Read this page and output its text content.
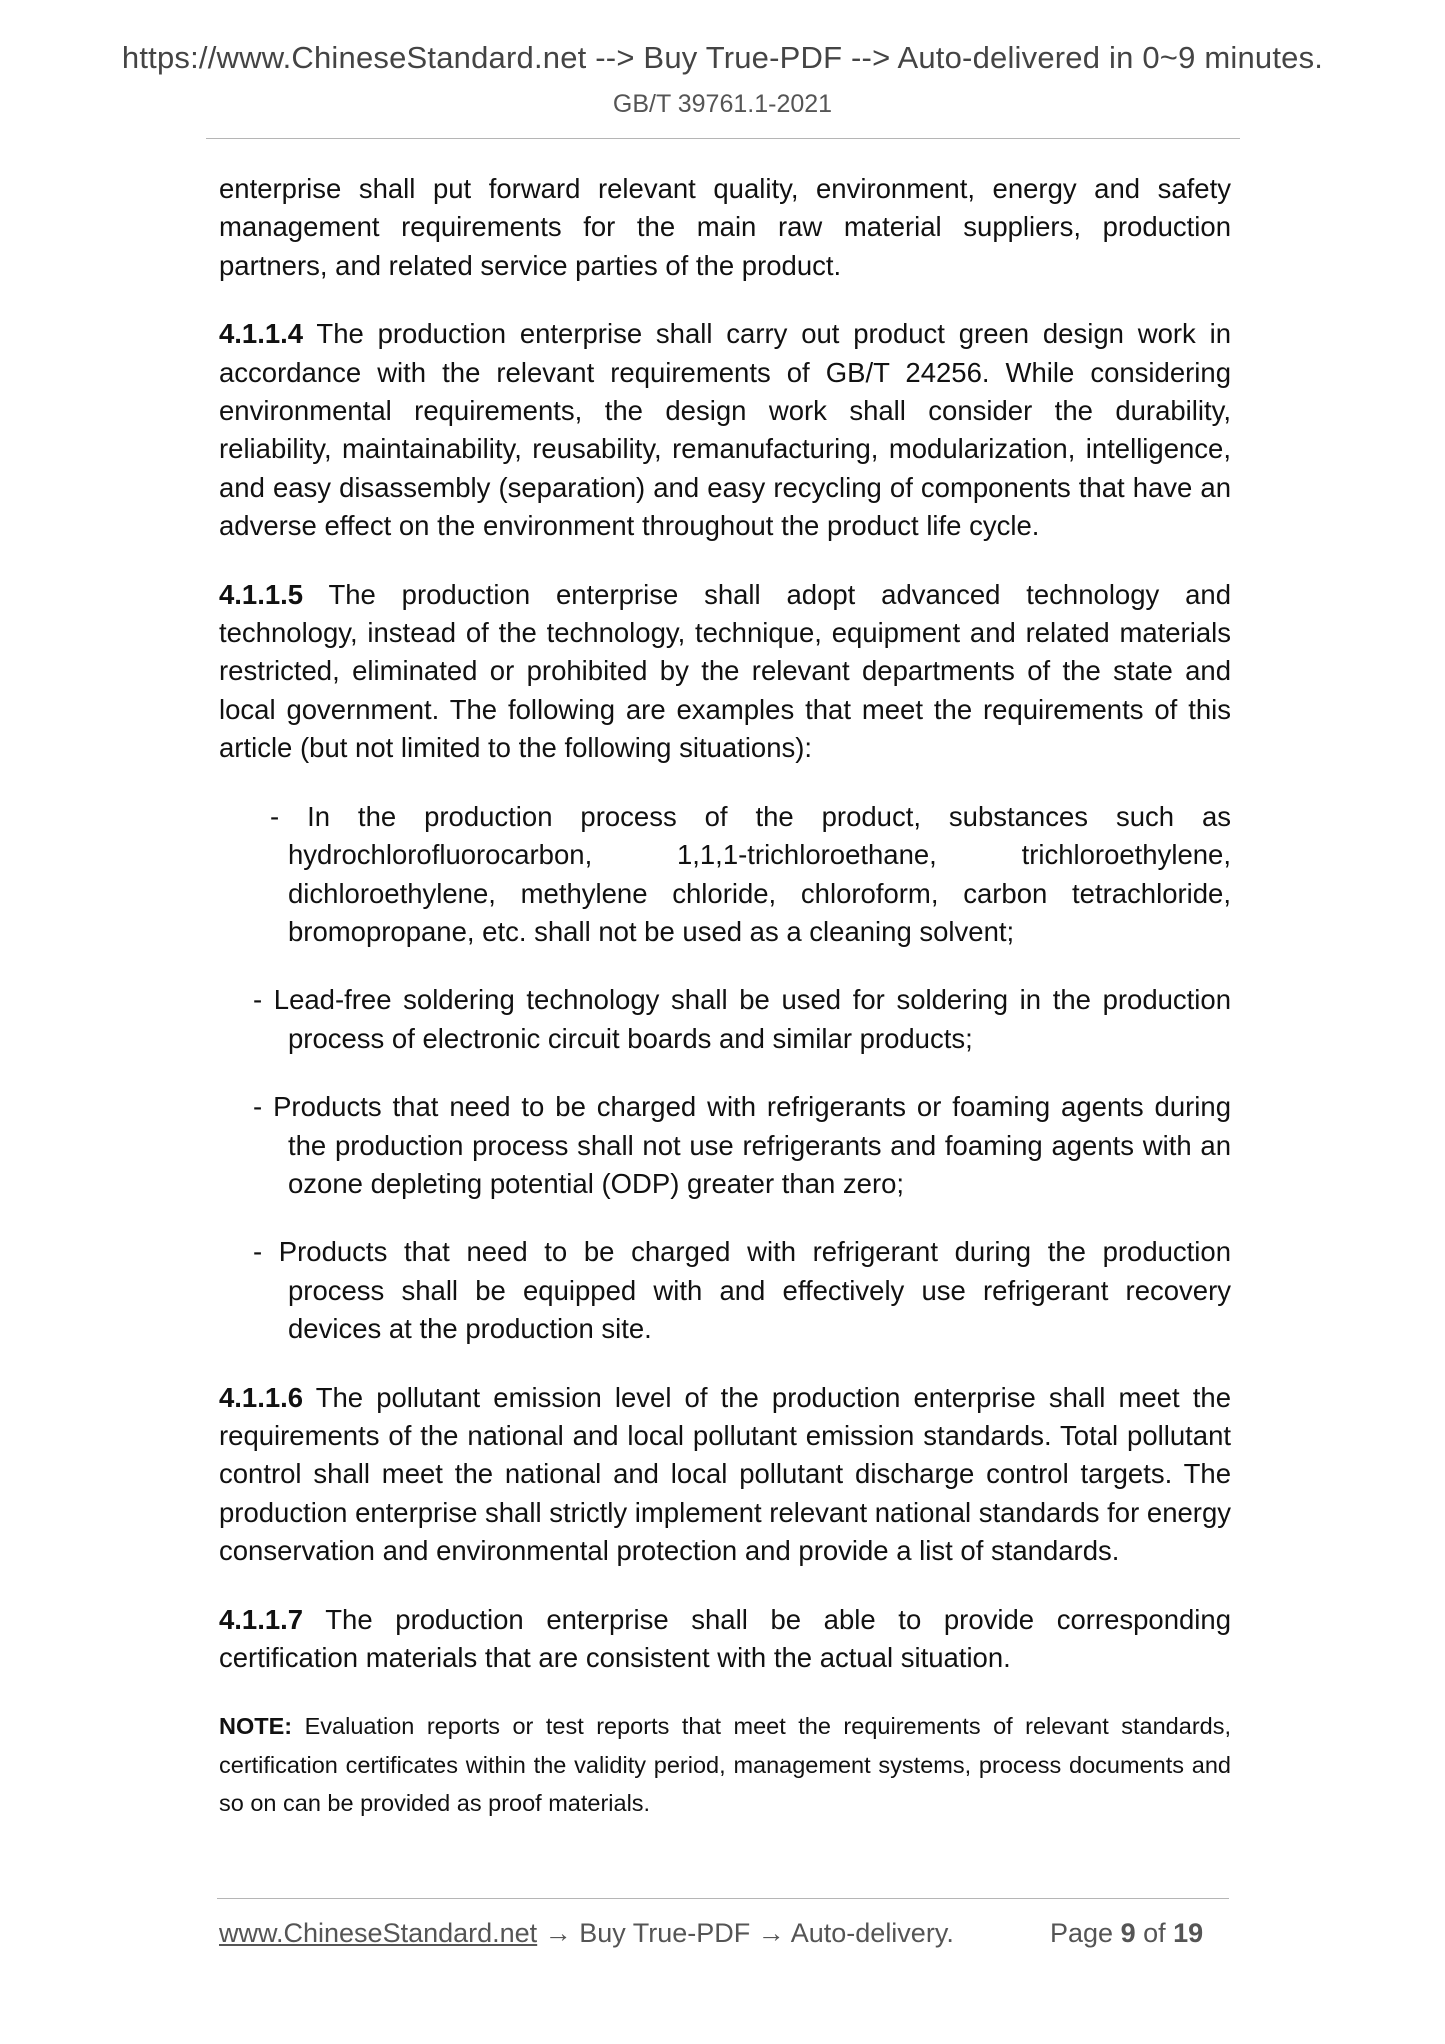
https://www.ChineseStandard.net --> Buy True-PDF --> Auto-delivered in 0~9 minutes.
GB/T 39761.1-2021

enterprise shall put forward relevant quality, environment, energy and safety management requirements for the main raw material suppliers, production partners, and related service parties of the product.

4.1.1.4 The production enterprise shall carry out product green design work in accordance with the relevant requirements of GB/T 24256. While considering environmental requirements, the design work shall consider the durability, reliability, maintainability, reusability, remanufacturing, modularization, intelligence, and easy disassembly (separation) and easy recycling of components that have an adverse effect on the environment throughout the product life cycle.

4.1.1.5 The production enterprise shall adopt advanced technology and technology, instead of the technology, technique, equipment and related materials restricted, eliminated or prohibited by the relevant departments of the state and local government. The following are examples that meet the requirements of this article (but not limited to the following situations):

- In the production process of the product, substances such as hydrochlorofluorocarbon, 1,1,1-trichloroethane, trichloroethylene, dichloroethylene, methylene chloride, chloroform, carbon tetrachloride, bromopropane, etc. shall not be used as a cleaning solvent;

- Lead-free soldering technology shall be used for soldering in the production process of electronic circuit boards and similar products;

- Products that need to be charged with refrigerants or foaming agents during the production process shall not use refrigerants and foaming agents with an ozone depleting potential (ODP) greater than zero;

- Products that need to be charged with refrigerant during the production process shall be equipped with and effectively use refrigerant recovery devices at the production site.

4.1.1.6 The pollutant emission level of the production enterprise shall meet the requirements of the national and local pollutant emission standards. Total pollutant control shall meet the national and local pollutant discharge control targets. The production enterprise shall strictly implement relevant national standards for energy conservation and environmental protection and provide a list of standards.

4.1.1.7 The production enterprise shall be able to provide corresponding certification materials that are consistent with the actual situation.

NOTE: Evaluation reports or test reports that meet the requirements of relevant standards, certification certificates within the validity period, management systems, process documents and so on can be provided as proof materials.

www.ChineseStandard.net → Buy True-PDF → Auto-delivery.	Page 9 of 19
